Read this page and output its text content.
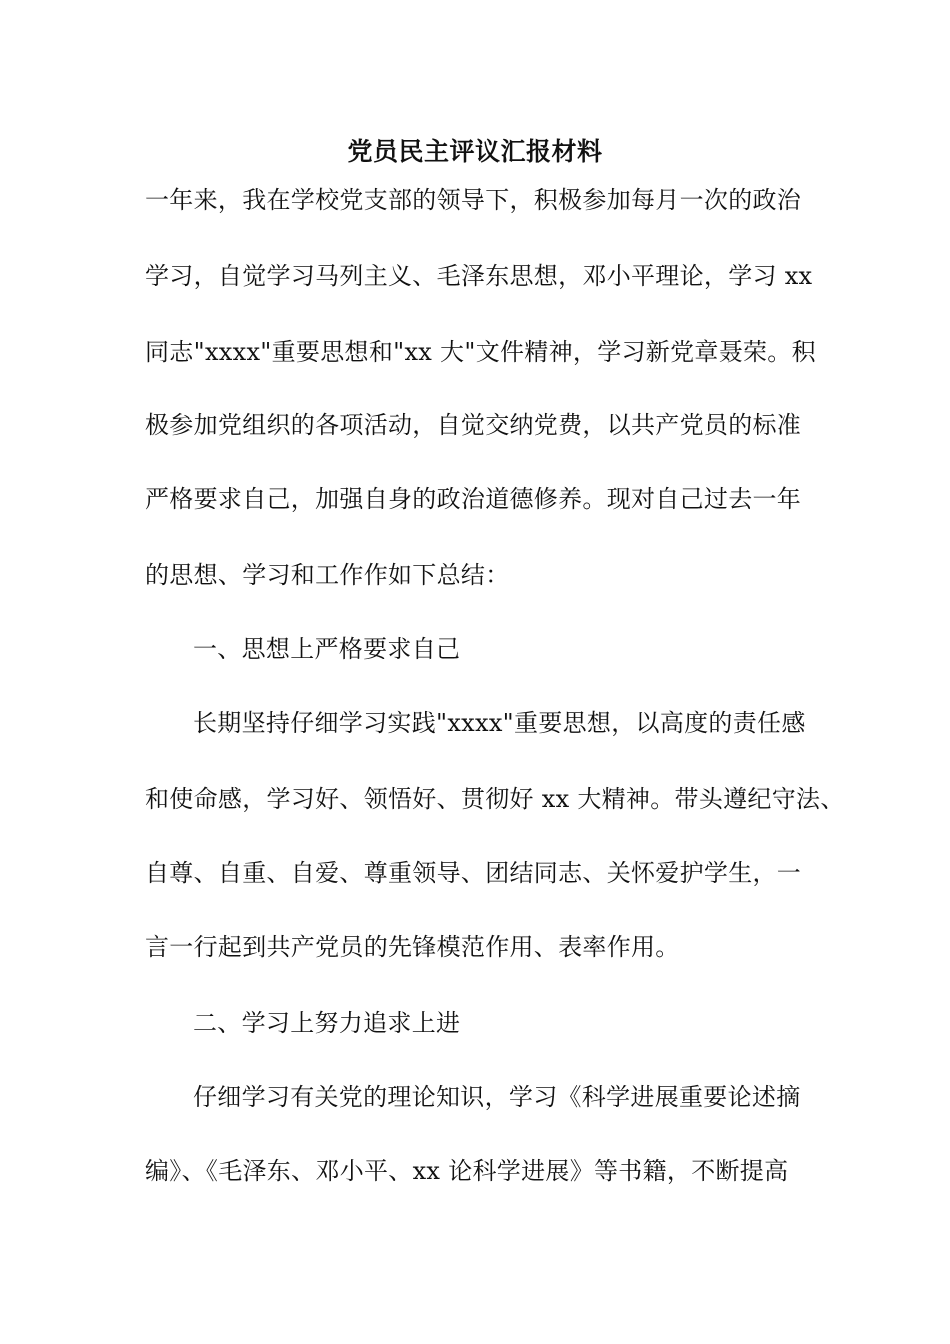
党员民主评议汇报材料
一年来，我在学校党支部的领导下，积极参加每月一次的政治
学习，自觉学习马列主义、毛泽东思想，邓小平理论，学习 xx
同志"xxxx"重要思想和"xx 大"文件精神，学习新党章聂荣。积
极参加党组织的各项活动，自觉交纳党费，以共产党员的标准
严格要求自己，加强自身的政治道德修养。现对自己过去一年
的思想、学习和工作作如下总结：
一、思想上严格要求自己
长期坚持仔细学习实践"xxxx"重要思想，以高度的责任感
和使命感，学习好、领悟好、贯彻好 xx 大精神。带头遵纪守法、
自尊、自重、自爱、尊重领导、团结同志、关怀爱护学生，一
言一行起到共产党员的先锋模范作用、表率作用。
二、学习上努力追求上进
仔细学习有关党的理论知识，学习《科学进展重要论述摘
编》、《毛泽东、邓小平、xx 论科学进展》等书籍，不断提高
